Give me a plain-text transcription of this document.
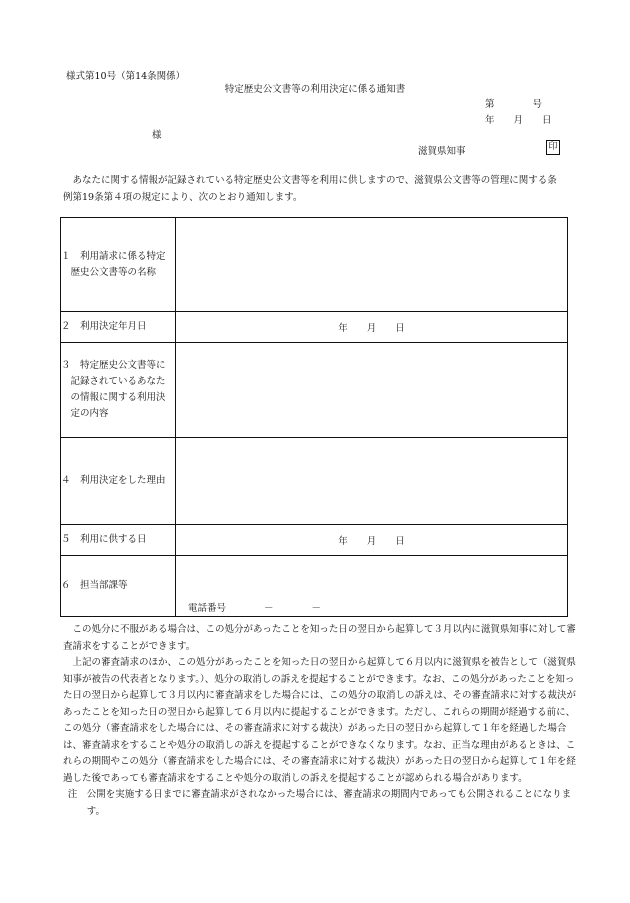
様式第10号（第14条関係）
特定歴史公文書等の利用決定に係る通知書
第　　　　号
年　　月　　日
様
滋賀県知事	印

あなたに関する情報が記録されている特定歴史公文書等を利用に供しますので、滋賀県公文書等の管理に関する条

例第19条第４項の規定により、次のとおり通知します。

１　利用請求に係る特定
　歴史公文書等の名称	

２　利用決定年月日	年　　月　　日

３　特定歴史公文書等に
　記録されているあなた
　の情報に関する利用決
　定の内容	

４　利用決定をした理由	

５　利用に供する日	年　　月　　日

６　担当部課等	電話番号　　　　－　　　　－

この処分に不服がある場合は、この処分があったことを知った日の翌日から起算して３月以内に滋賀県知事に対して審査請求をすることができます。

上記の審査請求のほか、この処分があったことを知った日の翌日から起算して６月以内に滋賀県を被告として（滋賀県知事が被告の代表者となります。）、処分の取消しの訴えを提起することができます。なお、この処分があったことを知った日の翌日から起算して３月以内に審査請求をした場合には、この処分の取消しの訴えは、その審査請求に対する裁決があったことを知った日の翌日から起算して６月以内に提起することができます。ただし、これらの期間が経過する前に、この処分（審査請求をした場合には、その審査請求に対する裁決）があった日の翌日から起算して１年を経過した場合は、審査請求をすることや処分の取消しの訴えを提起することができなくなります。なお、正当な理由があるときは、これらの期間やこの処分（審査請求をした場合には、その審査請求に対する裁決）があった日の翌日から起算して１年を経過した後であっても審査請求をすることや処分の取消しの訴えを提起することが認められる場合があります。

注　公開を実施する日までに審査請求がされなかった場合には、審査請求の期間内であっても公開されることになります。
